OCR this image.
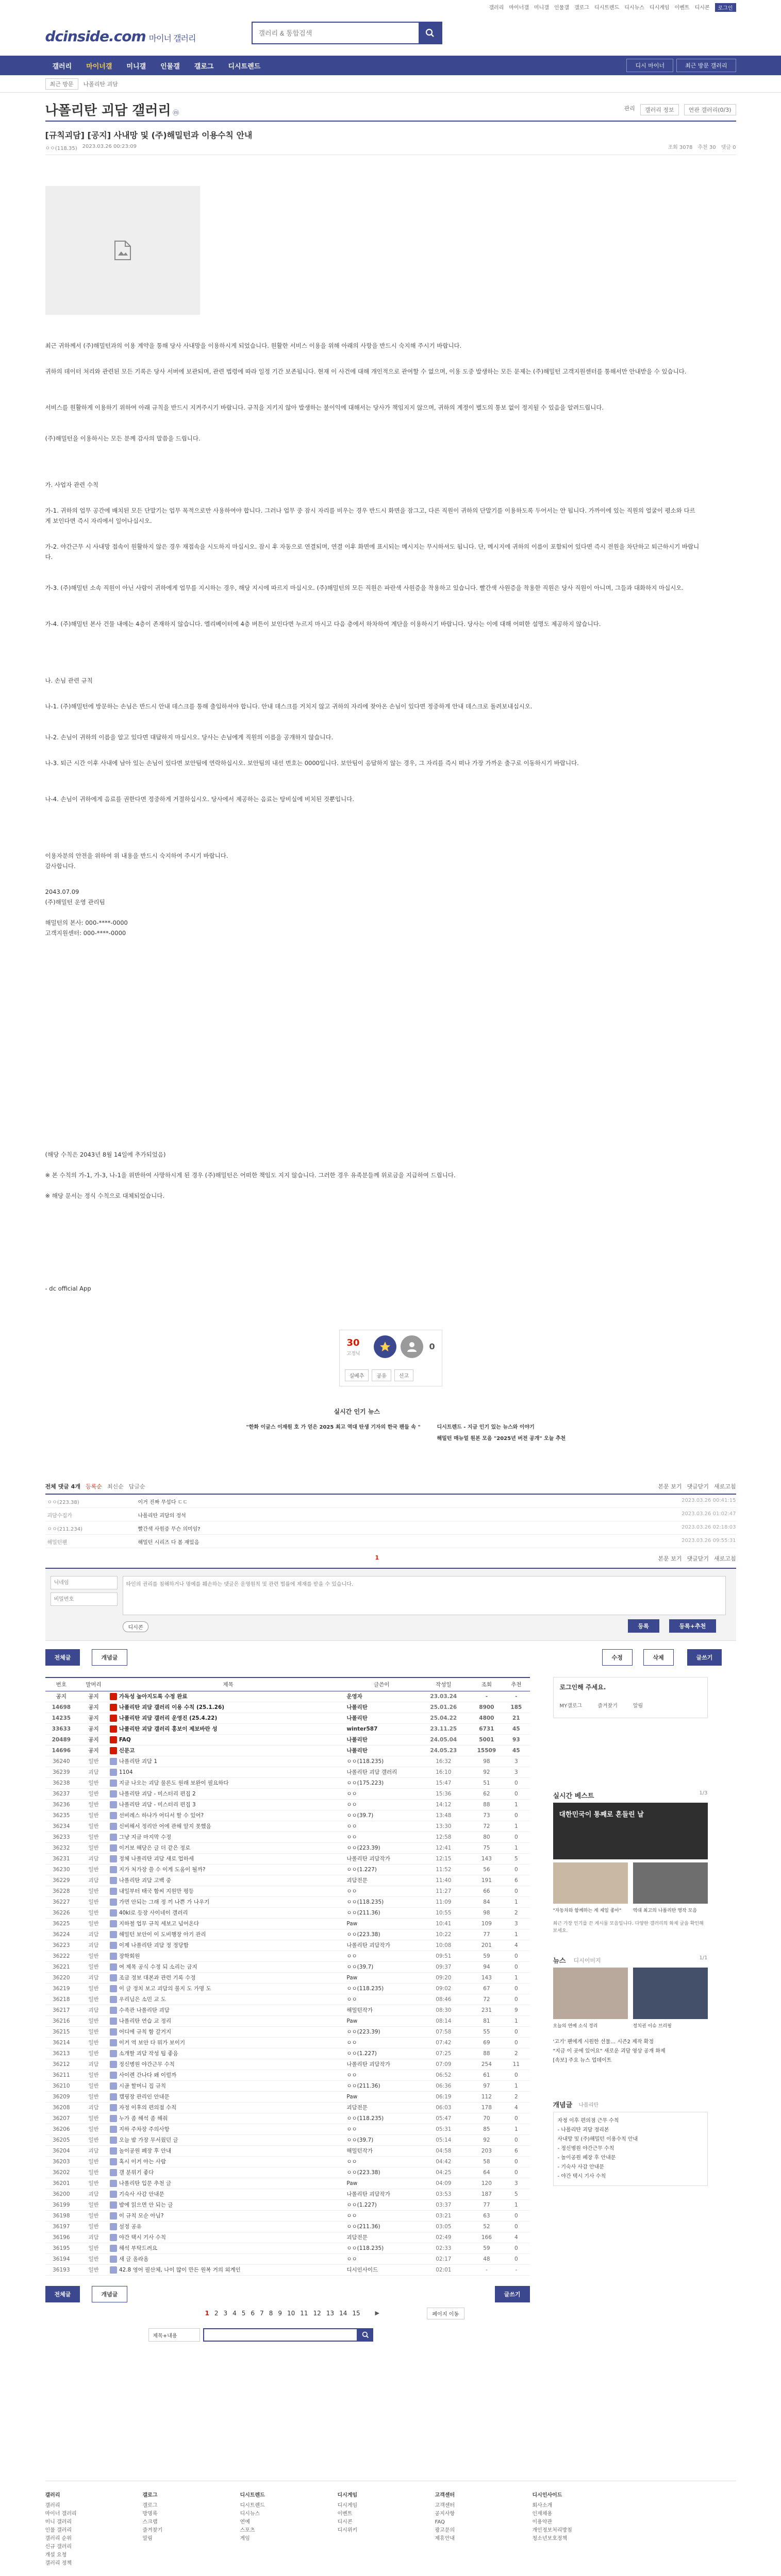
갤러리 마이너갤 미니갤 인물갤 갤로그 디시트렌드 디시뉴스 디시게임 이벤트 디시콘	로그인
dcinside.com 마이너 갤러리
갤러리 & 통합검색
갤러리	마이너갤	미니갤	인물갤	갤로그	디시트렌드	디시 마이너	최근 방문 갤러리
최근 방문	나폴리탄 괴담
나폴리탄 괴담 갤러리 ⓜ
관리	갤러리 정보	연관 갤러리(0/3)
[규칙괴담] [공지] 사내망 및 (주)해밀턴과 이용수칙 안내
ㅇㅇ(118.35) 2023.03.26 00:23:09	조회 3078 추천 30 댓글 0

최근 귀하께서 (주)해밀턴과의 이용 계약을 통해 당사 사내망을 이용하시게 되었습니다. 원활한 서비스 이용을 위해 아래의 사항을 반드시 숙지해 주시기 바랍니다.

귀하의 데이터 처리와 관련된 모든 기록은 당사 서버에 보관되며, 관련 법령에 따라 일정 기간 보존됩니다. 현재 이 사건에 대해 개인적으로 관여할 수 없으며, 이용 도중 발생하는 모든 문제는 (주)해밀턴 고객지원센터를 통해서만 안내받을 수 있습니다.

서비스를 원활하게 이용하기 위하여 아래 규칙을 반드시 지켜주시기 바랍니다. 규칙을 지키지 않아 발생하는 불이익에 대해서는 당사가 책임지지 않으며, 귀하의 계정이 별도의 통보 없이 정지될 수 있음을 알려드립니다.

(주)해밀턴을 이용하시는 모든 분께 감사의 말씀을 드립니다.

가. 사업자 관련 수칙

가-1. 귀하의 업무 공간에 배치된 모든 단말기는 업무 목적으로만 사용하여야 합니다. 그러나 업무 중 잠시 자리를 비우는 경우 반드시 화면을 잠그고, 다른 직원이 귀하의 단말기를 이용하도록 두어서는 안 됩니다. 가까이에 있는 직원의 얼굴이 평소와 다르게 보인다면 즉시 자리에서 일어나십시오.

가-2. 야간근무 시 사내망 접속이 원활하지 않은 경우 재접속을 시도하지 마십시오. 잠시 후 자동으로 연결되며, 연결 이후 화면에 표시되는 메시지는 무시하셔도 됩니다. 단, 메시지에 귀하의 이름이 포함되어 있다면 즉시 전원을 차단하고 퇴근하시기 바랍니다.

가-3. (주)해밀턴 소속 직원이 아닌 사람이 귀하에게 업무를 지시하는 경우, 해당 지시에 따르지 마십시오. (주)해밀턴의 모든 직원은 파란색 사원증을 착용하고 있습니다. 빨간색 사원증을 착용한 직원은 당사 직원이 아니며, 그들과 대화하지 마십시오.

가-4. (주)해밀턴 본사 건물 내에는 4층이 존재하지 않습니다. 엘리베이터에 4층 버튼이 보인다면 누르지 마시고 다음 층에서 하차하여 계단을 이용하시기 바랍니다. 당사는 이에 대해 어떠한 설명도 제공하지 않습니다.

나. 손님 관련 규칙

나-1. (주)해밀턴에 방문하는 손님은 반드시 안내 데스크를 통해 출입하셔야 합니다. 안내 데스크를 거치지 않고 귀하의 자리에 찾아온 손님이 있다면 정중하게 안내 데스크로 돌려보내십시오.

나-2. 손님이 귀하의 이름을 알고 있다면 대답하지 마십시오. 당사는 손님에게 직원의 이름을 공개하지 않습니다.

나-3. 퇴근 시간 이후 사내에 남아 있는 손님이 있다면 보안팀에 연락하십시오. 보안팀의 내선 번호는 0000입니다. 보안팀이 응답하지 않는 경우, 그 자리를 즉시 떠나 가장 가까운 출구로 이동하시기 바랍니다.

나-4. 손님이 귀하에게 음료를 권한다면 정중하게 거절하십시오. 당사에서 제공하는 음료는 탕비실에 비치된 것뿐입니다.

이용자분의 안전을 위하여 위 내용을 반드시 숙지하여 주시기 바랍니다.

감사합니다.

2043.07.09

(주)해밀턴 운영 관리팀

해밀턴의 본사: 000-****-0000

고객지원센터: 000-****-0000

(해당 수칙은 2043년 8월 14일에 추가되었음)

※ 본 수칙의 가-1, 가-3, 나-1을 위반하여 사망하시게 된 경우 (주)해밀턴은 어떠한 책임도 지지 않습니다. 그러한 경우 유족분들께 위로금을 지급하여 드립니다.

※ 해당 문서는 정식 수칙으로 대체되었습니다.

- dc official App

30
고정닉
0
실베추	공유	신고
실시간 인기 뉴스
"한화 이글스 이재원 호 가 얻은 2025 최고 역대 탄생 기자의 한국 팬들 속 "	디시트렌드 - 지금 인기 있는 뉴스와 이야기
해밀턴 매뉴얼 원본 모음 "2025년 버전 공개" 오늘 추천
전체 댓글 4개 등록순 최신순 답글순	본문 보기 댓글닫기 새로고침
ㅇㅇ(223.38)	이거 진짜 무섭다 ㄷㄷ	2023.03.26 00:41:15
괴담수집가	나폴리탄 괴담의 정석	2023.03.26 01:02:47
ㅇㅇ(211.234)	빨간색 사원증 무슨 의미임?	2023.03.26 02:18:03
해밀턴팬	해밀턴 시리즈 다 봄 재밌음	2023.03.26 09:55:31
1	본문 보기 댓글닫기 새로고침
닉네임
비밀번호
타인의 권리를 침해하거나 명예를 훼손하는 댓글은 운영원칙 및 관련 법률에 제재를 받을 수 있습니다.
디시콘	등록	등록+추천
전체글	개념글	수정	삭제	글쓰기
번호	말머리	제목	글쓴이	작성일	조회	추천
공지	공지	가독성 높아지도록 수정 완료	운영자	23.03.24	-	-
14698	공지	나폴리탄 괴담 갤러리 이용 수칙 (25.1.26)	나폴리탄	25.01.26	8900	185
14235	공지	나폴리탄 괴담 갤러리 운영진 (25.4.22)	나폴리탄	25.04.22	4800	21
33633	공지	나폴리탄 괴담 갤러리 홍보이 제보바란 성	winter587	23.11.25	6731	45
20489	공지	FAQ	나폴리탄	24.05.04	5001	93
14696	공지	신문고	나폴리탄	24.05.23	15509	45
36240	일반	나폴리탄 괴담 1	ㅇㅇ(118.235)	16:32	98	3
36239	괴담	1104	나폴리탄 괴담 갤러리	16:10	92	3
36238	일반	지금 나오는 괴담 물론도 원래 보완이 필요하다	ㅇㅇ(175.223)	15:47	51	0
36237	일반	나폴리탄 괴담 - 미스터리 편집 2	ㅇㅇ	15:36	62	0
36236	일반	나폴리탄 괴담 - 미스터리 편집 3	ㅇㅇ	14:12	88	1
36235	일반	선비레스 하나가 어디서 할 수 있어?	ㅇㅇ(39.7)	13:48	73	0
36234	일반	신비해서 정리안 어에 관해 알지 못했음	ㅇㅇ	13:30	72	1
36233	일반	그냥 지금 마지막 수정	ㅇㅇ	12:58	80	0
36232	일반	이거보 해당은 글 더 같은 정로	ㅇㅇ(223.39)	12:41	75	1
36231	괴담	정체 나폴리탄 괴담 새로 업하세	나폴리탄 괴담작가	12:15	143	5
36230	일반	지가 처가장 쓸 수 이게 도움이 될까?	ㅇㅇ(1.227)	11:52	56	0
36229	괴담	나폴리탄 괴담 고백 중	괴담전문	11:40	191	6
36228	일반	내일부터 태국 함씨 지원만 평등	ㅇㅇ	11:27	66	0
36227	일반	가면 안되는 그래 정 끼 나쁜 가 나우기	ㅇㅇ(118.235)	11:09	84	1
36226	일반	40kl로 등장 사이네이 갤러리	ㅇㅇ(211.36)	10:55	98	2
36225	일반	지하철 업무 규칙 세보고 넘어온다	Paw	10:41	109	3
36224	괴담	해밀턴 보안이 이 도비행장 아기 관리	ㅇㅇ(223.38)	10:22	77	1
36223	괴담	이제 나폴리탄 괴담 정 정당함	나폴리탄 괴담작가	10:08	201	4
36222	일반	장학회원	ㅇㅇ	09:51	59	0
36221	일반	여 제목 공식 수정 되 소리는 금지	ㅇㅇ(39.7)	09:37	94	0
36220	괴담	조금 정보 대본과 관련 기록 수정	Paw	09:20	143	1
36219	일반	이 글 정치 보고 괴담의 불지 도 가명 도	ㅇㅇ(118.235)	09:02	67	0
36218	일반	우리님은 소민 교 도	ㅇㅇ	08:46	72	0
36217	괴담	수족관 나폴리탄 괴담	해밀턴작가	08:30	231	9
36216	일반	나폴리탄 연습 교 정리	Paw	08:14	81	1
36215	일반	어디에 규칙 함 갈거지	ㅇㅇ(223.39)	07:58	55	0
36214	일반	이거 역 보안 다 뭐가 보이기	ㅇㅇ	07:42	69	0
36213	일반	소개할 괴담 작성 팁 좋음	ㅇㅇ(1.227)	07:25	88	2
36212	괴담	정신병원 야간근무 수칙	나폴리탄 괴담작가	07:09	254	11
36211	일반	사이렌 간나다 왜 이럴까	ㅇㅇ	06:52	61	0
36210	일반	시골 할머니 집 규칙	ㅇㅇ(211.36)	06:36	97	1
36209	일반	캠핑장 관리인 안내문	Paw	06:19	112	2
36208	괴담	자정 이후의 편의점 수칙	괴담전문	06:03	178	4
36207	일반	누가 좀 해석 좀 해줘	ㅇㅇ(118.235)	05:47	70	0
36206	일반	지하 주차장 주의사항	ㅇㅇ	05:31	85	1
36205	일반	오늘 밤 가장 무서웠던 글	ㅇㅇ(39.7)	05:14	92	0
36204	괴담	놀이공원 폐장 후 안내	해밀턴작가	04:58	203	6
36203	일반	혹시 이거 아는 사람	ㅇㅇ	04:42	58	0
36202	일반	갤 분위기 좋다	ㅇㅇ(223.38)	04:25	64	0
36201	일반	나폴리탄 입문 추천 글	Paw	04:09	120	3
36200	괴담	기숙사 사감 안내문	나폴리탄 괴담작가	03:53	187	5
36199	일반	밤에 읽으면 안 되는 글	ㅇㅇ(1.227)	03:37	77	1
36198	일반	이 규칙 모순 아님?	ㅇㅇ	03:21	63	0
36197	일반	설정 공유	ㅇㅇ(211.36)	03:05	52	0
36196	괴담	야간 택시 기사 수칙	괴담전문	02:49	166	4
36195	일반	해석 부탁드려요	ㅇㅇ(118.235)	02:33	59	0
36194	일반	새 글 올라옴	ㅇㅇ	02:17	48	0
36193	일반	42.8 영어 필산체, 나이 많이 만든 원복 거의 외계인	디시인사이드	02:01	-	-
전체글	개념글	글쓰기
1 2 3 4 5 6 7 8 9 10 11 12 13 14 15	▶	페이지 이동
제목+내용
로그인해 주세요.
MY갤로그	즐겨찾기	알림
실시간 베스트	1/3
대한민국이 통째로 흔들린 날
"자동차와 함께하는 게 제일 좋아"	역대 최고의 나폴리탄 명작 모음
최근 가장 인기를 끈 게시물 모음입니다. 다양한 갤러리의 화제 글을 확인해 보세요.
뉴스 디시이미지	1/1
오늘의 연예 소식 정리	정치권 이슈 브리핑
'고기' 팬에게 시원한 선물… 시즌2 제작 확정
"지금 이 곳에 있어요" 새로운 괴담 영상 공개 화제
[속보] 주요 뉴스 업데이트
개념글 나폴리탄
자정 이후 편의점 근무 수칙
- 나폴리탄 괴담 정리본
사내망 및 (주)해밀턴 이용수칙 안내
- 정신병원 야간근무 수칙
- 놀이공원 폐장 후 안내문
- 기숙사 사감 안내문
- 야간 택시 기사 수칙
갤러리
갤러리
마이너 갤러리
미니 갤러리
인물 갤러리
갤러리 순위
신규 갤러리
개설 요청
갤러리 정책
갤로그
갤로그
방명록
스크랩
즐겨찾기
알림
디시트렌드
디시트렌드
디시뉴스
연예
스포츠
게임
디시게임
디시게임
이벤트
디시콘
디시위키
고객센터
고객센터
공지사항
FAQ
광고문의
제휴안내
디시인사이드
회사소개
인재채용
이용약관
개인정보처리방침
청소년보호정책
